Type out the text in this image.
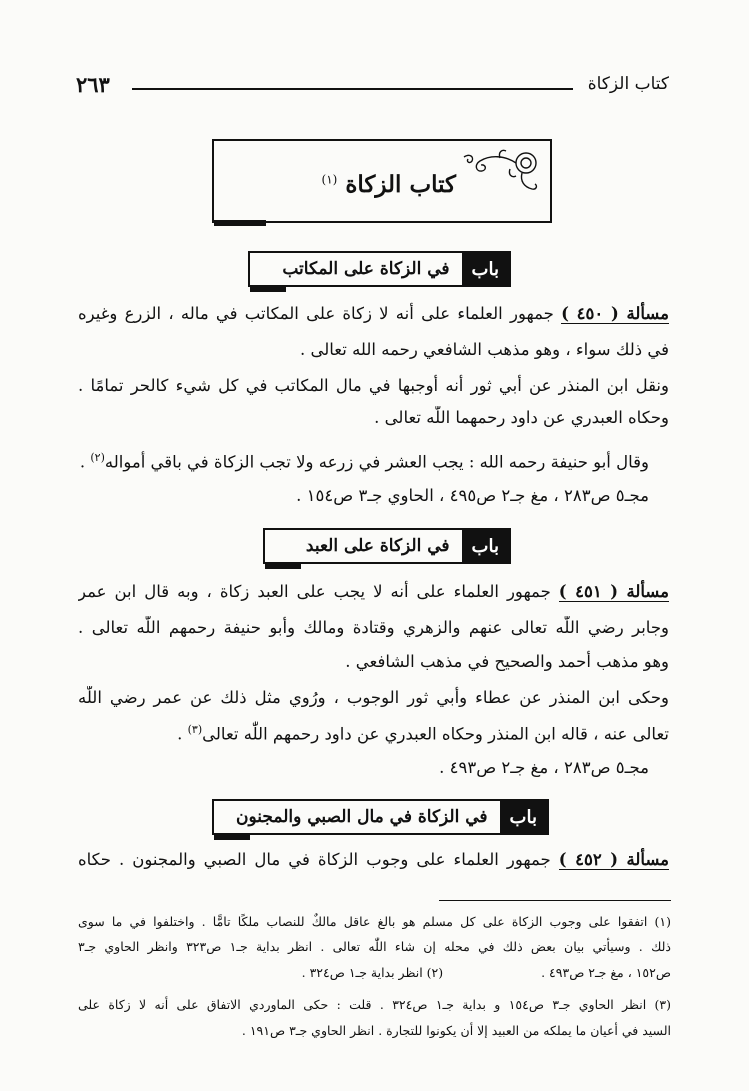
كتاب الزكاة
٢٦٣
كتاب الزكاة $^{(١)}$
باب
في الزكاة على المكاتب
مسألة ( ٤٥٠ ) جمهور العلماء على أنه لا زكاة على المكاتب في ماله ، الزرع وغيره
في ذلك سواء ، وهو مذهب الشافعي رحمه الله تعالى .
ونقل ابن المنذر عن أبي ثور أنه أوجبها في مال المكاتب في كل شيء كالحر تمامًا .
وحكاه العبدري عن داود رحمهما اللّٰه تعالى .
وقال أبو حنيفة رحمه الله : يجب العشر في زرعه ولا تجب الزكاة في باقي أمواله$^{(٢)}$ .
مجـ٥ ص٢٨٣ ، مغ جـ٢ ص٤٩٥ ، الحاوي جـ٣ ص١٥٤ .
باب
في الزكاة على العبد
مسألة ( ٤٥١ ) جمهور العلماء على أنه لا يجب على العبد زكاة ، وبه قال ابن عمر
وجابر رضي اللّٰه تعالى عنهم والزهري وقتادة ومالك وأبو حنيفة رحمهم اللّٰه تعالى .
وهو مذهب أحمد والصحيح في مذهب الشافعي .
وحكى ابن المنذر عن عطاء وأبي ثور الوجوب ، ورُوي مثل ذلك عن عمر رضي اللّٰه
تعالى عنه ، قاله ابن المنذر وحكاه العبدري عن داود رحمهم اللّٰه تعالى$^{(٣)}$ .
مجـ٥ ص٢٨٣ ، مغ جـ٢ ص٤٩٣ .
باب
في الزكاة في مال الصبي والمجنون
مسألة ( ٤٥٢ ) جمهور العلماء على وجوب الزكاة في مال الصبي والمجنون . حكاه
(١) اتفقوا على وجوب الزكاة على كل مسلم هو بالغ عاقل مالكٌ للنصاب ملكًا تامًّا . واختلفوا في ما سوى
ذلك . وسيأتي بيان بعض ذلك في محله إن شاء اللّٰه تعالى . انظر بداية جـ١ ص٣٢٣ وانظر الحاوي جـ٣
ص١٥٢ ، مغ جـ٢ ص٤٩٣ .  (٢) انظر بداية جـ١ ص٣٢٤ .
(٣) انظر الحاوي جـ٣ ص١٥٤ و بداية جـ١ ص٣٢٤ . قلت : حكى الماوردي الاتفاق على أنه لا زكاة على
السيد في أعيان ما يملكه من العبيد إلا أن يكونوا للتجارة . انظر الحاوي جـ٣ ص١٩١ .
